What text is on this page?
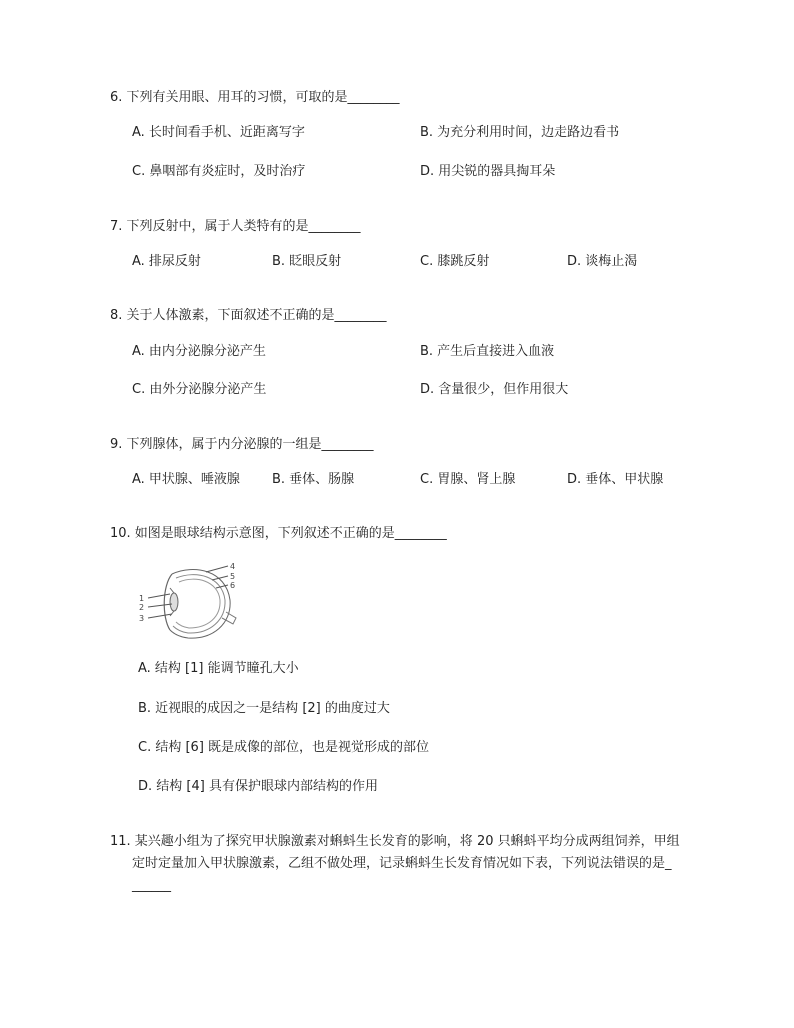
6. 下列有关用眼、用耳的习惯，可取的是________
A. 长时间看手机、近距离写字	B. 为充分利用时间，边走路边看书
C. 鼻咽部有炎症时，及时治疗	D. 用尖锐的器具掏耳朵
7. 下列反射中，属于人类特有的是________
A. 排尿反射	B. 眨眼反射	C. 膝跳反射	D. 谈梅止渴
8. 关于人体激素，下面叙述不正确的是________
A. 由内分泌腺分泌产生	B. 产生后直接进入血液
C. 由外分泌腺分泌产生	D. 含量很少，但作用很大
9. 下列腺体，属于内分泌腺的一组是________
A. 甲状腺、唾液腺 B. 垂体、肠腺	C. 胃腺、肾上腺	D. 垂体、甲状腺
10. 如图是眼球结构示意图，下列叙述不正确的是________
1
2
3
4
5
6
A. 结构 [1] 能调节瞳孔大小
B. 近视眼的成因之一是结构 [2] 的曲度过大
C. 结构 [6] 既是成像的部位，也是视觉形成的部位
D. 结构 [4] 具有保护眼球内部结构的作用
11. 某兴趣小组为了探究甲状腺激素对蝌蚪生长发育的影响，将 20 只蝌蚪平均分成两组饲养，甲组
定时定量加入甲状腺激素，乙组不做处理，记录蝌蚪生长发育情况如下表，下列说法错误的是_
______
